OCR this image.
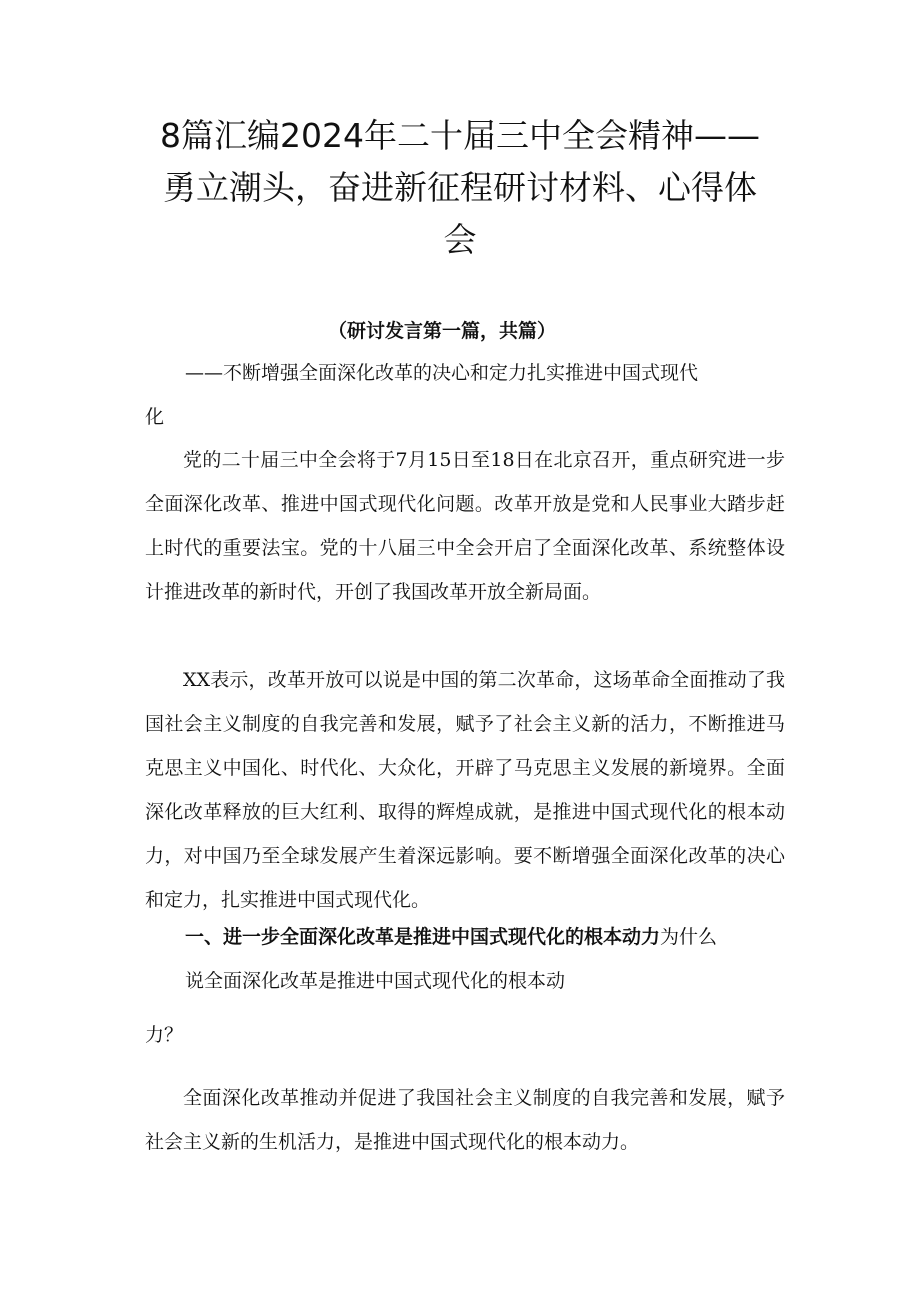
8篇汇编2024年二十届三中全会精神——
勇立潮头，奋进新征程研讨材料、心得体
会
（研讨发言第一篇，共篇）
——不断增强全面深化改革的决心和定力扎实推进中国式现代
化
党的二十届三中全会将于7月15日至18日在北京召开，重点研究进一步全面深化改革、推进中国式现代化问题。改革开放是党和人民事业大踏步赶上时代的重要法宝。党的十八届三中全会开启了全面深化改革、系统整体设计推进改革的新时代，开创了我国改革开放全新局面。
XX表示，改革开放可以说是中国的第二次革命，这场革命全面推动了我国社会主义制度的自我完善和发展，赋予了社会主义新的活力，不断推进马克思主义中国化、时代化、大众化，开辟了马克思主义发展的新境界。全面深化改革释放的巨大红利、取得的辉煌成就，是推进中国式现代化的根本动力，对中国乃至全球发展产生着深远影响。要不断增强全面深化改革的决心和定力，扎实推进中国式现代化。
一、进一步全面深化改革是推进中国式现代化的根本动力为什么
说全面深化改革是推进中国式现代化的根本动
力？
全面深化改革推动并促进了我国社会主义制度的自我完善和发展，赋予社会主义新的生机活力，是推进中国式现代化的根本动力。
